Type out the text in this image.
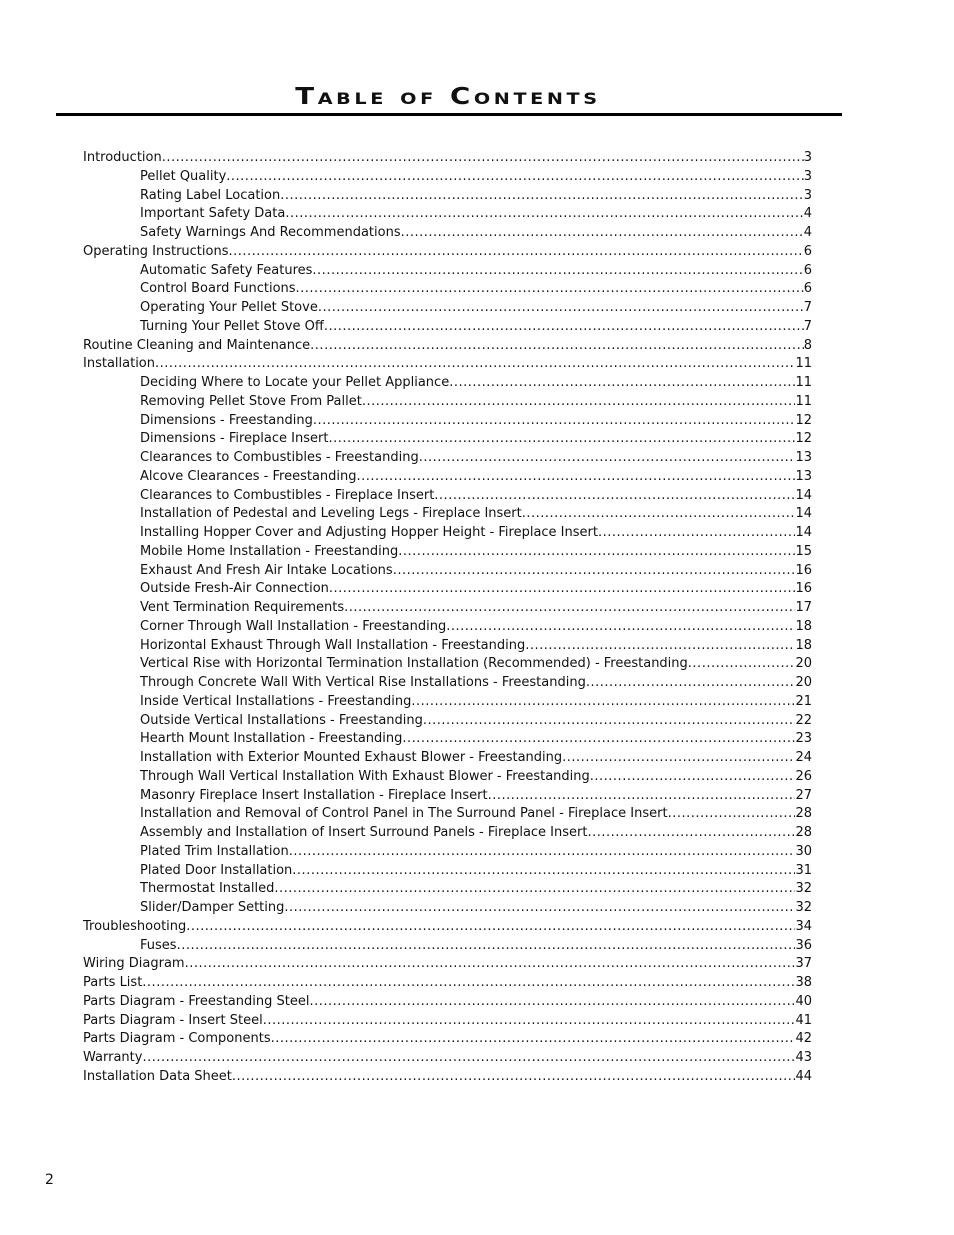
Table of Contents
Introduction .....	3
Pellet Quality .....	3
Rating Label Location .....	3
Important Safety Data .....	4
Safety Warnings And Recommendations .....	4
Operating Instructions .....	6
Automatic Safety Features .....	6
Control Board Functions .....	6
Operating Your Pellet Stove .....	7
Turning Your Pellet Stove Off .....	7
Routine Cleaning and Maintenance .....	8
Installation .....	11
Deciding Where to Locate your Pellet Appliance .....	11
Removing Pellet Stove From Pallet .....	11
Dimensions - Freestanding .....	12
Dimensions - Fireplace Insert .....	12
Clearances to Combustibles - Freestanding .....	13
Alcove Clearances - Freestanding .....	13
Clearances to Combustibles - Fireplace Insert .....	14
Installation of Pedestal and Leveling Legs - Fireplace Insert .....	14
Installing Hopper Cover and Adjusting Hopper Height - Fireplace Insert .....	14
Mobile Home Installation - Freestanding .....	15
Exhaust And Fresh Air Intake Locations .....	16
Outside Fresh-Air Connection .....	16
Vent Termination Requirements .....	17
Corner Through Wall Installation - Freestanding .....	18
Horizontal Exhaust Through Wall Installation - Freestanding .....	18
Vertical Rise with Horizontal Termination Installation (Recommended) - Freestanding .....	20
Through Concrete Wall With Vertical Rise Installations - Freestanding .....	20
Inside Vertical Installations - Freestanding .....	21
Outside Vertical Installations - Freestanding .....	22
Hearth Mount Installation - Freestanding .....	23
Installation with Exterior Mounted Exhaust Blower - Freestanding .....	24
Through Wall Vertical Installation With Exhaust Blower - Freestanding .....	26
Masonry Fireplace Insert Installation - Fireplace Insert .....	27
Installation and Removal of Control Panel in The Surround Panel - Fireplace Insert .....	28
Assembly and Installation of Insert Surround Panels - Fireplace Insert .....	28
Plated Trim Installation .....	30
Plated Door Installation .....	31
Thermostat Installed .....	32
Slider/Damper Setting .....	32
Troubleshooting .....	34
Fuses .....	36
Wiring Diagram .....	37
Parts List .....	38
Parts Diagram - Freestanding Steel .....	40
Parts Diagram - Insert Steel .....	41
Parts Diagram - Components .....	42
Warranty .....	43
Installation Data Sheet .....	44
2
